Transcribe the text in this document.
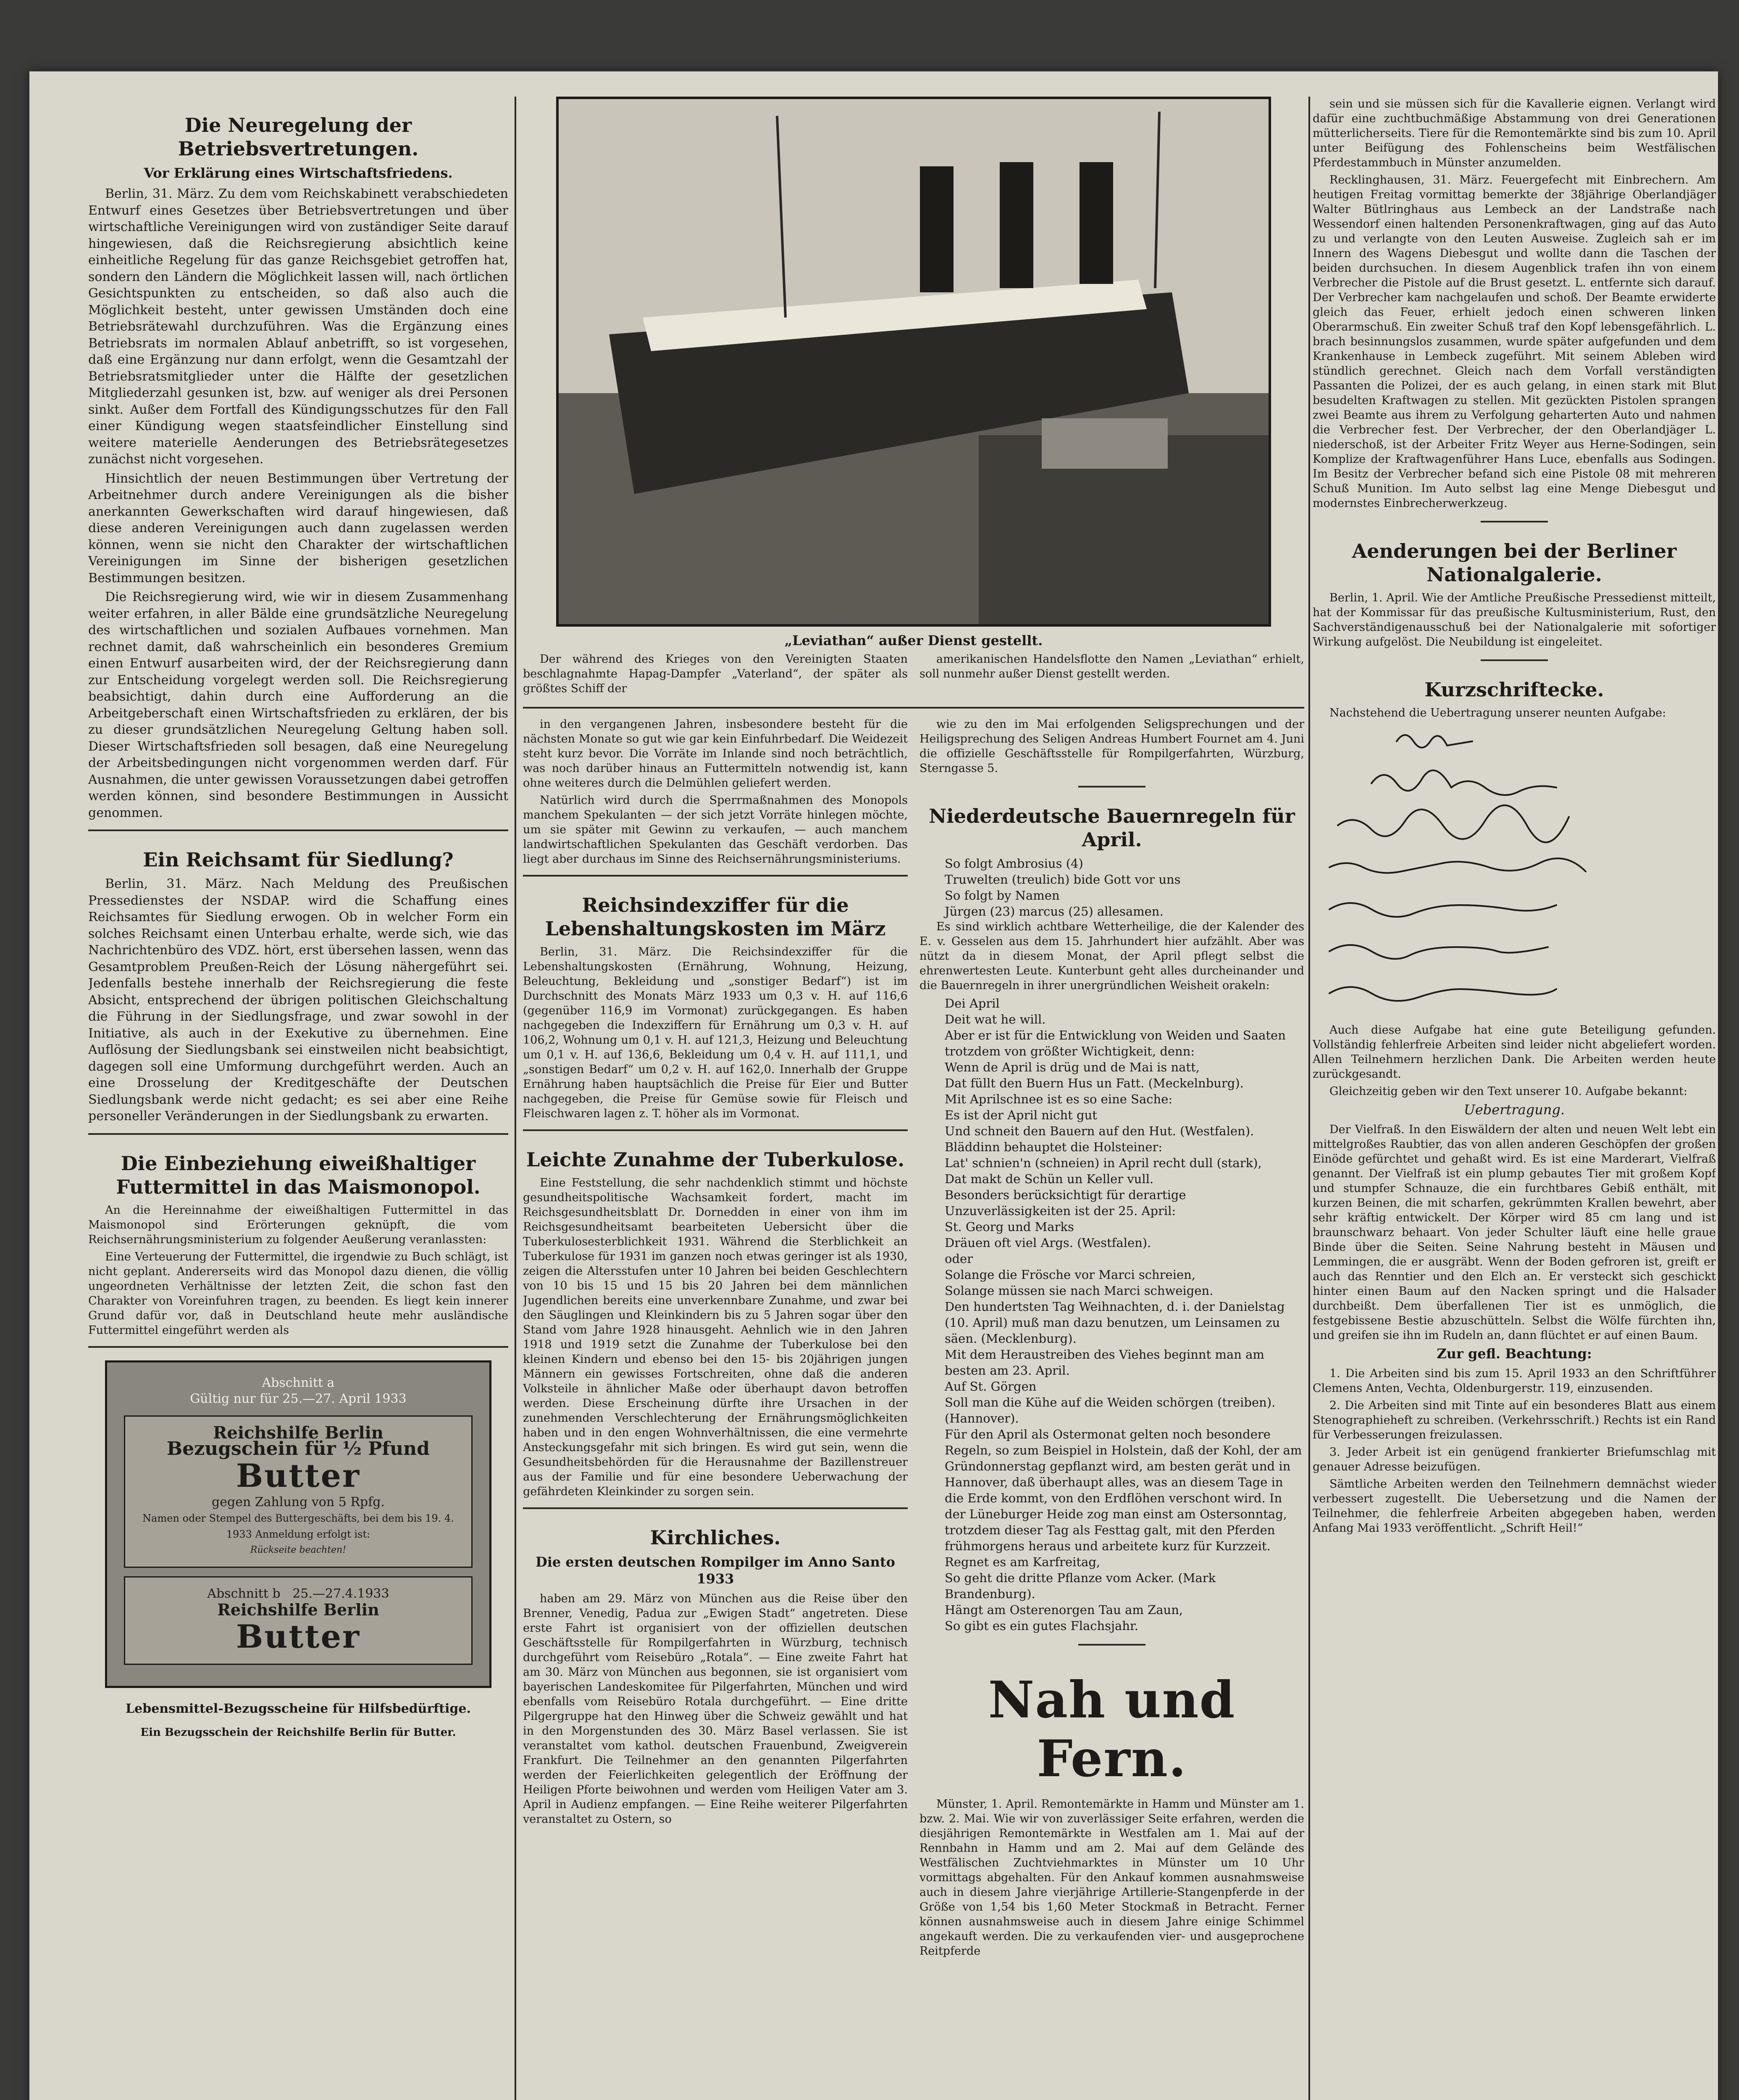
Die Neuregelung der Betriebsvertretungen.
Vor Erklärung eines Wirtschaftsfriedens.

Berlin, 31. März. Zu dem vom Reichskabinett verabschiedeten Entwurf eines Gesetzes über Betriebsvertretungen und über wirtschaftliche Vereinigungen wird von zuständiger Seite darauf hingewiesen, daß die Reichsregierung absichtlich keine einheitliche Regelung für das ganze Reichsgebiet getroffen hat, sondern den Ländern die Möglichkeit lassen will, nach örtlichen Gesichtspunkten zu entscheiden, so daß also auch die Möglichkeit besteht, unter gewissen Umständen doch eine Betriebsrätewahl durchzuführen. Was die Ergänzung eines Betriebsrats im normalen Ablauf anbetrifft, so ist vorgesehen, daß eine Ergänzung nur dann erfolgt, wenn die Gesamtzahl der Betriebsratsmitglieder unter die Hälfte der gesetzlichen Mitgliederzahl gesunken ist, bzw. auf weniger als drei Personen sinkt. Außer dem Fortfall des Kündigungsschutzes für den Fall einer Kündigung wegen staatsfeindlicher Einstellung sind weitere materielle Aenderungen des Betriebsrätegesetzes zunächst nicht vorgesehen.

Hinsichtlich der neuen Bestimmungen über Vertretung der Arbeitnehmer durch andere Vereinigungen als die bisher anerkannten Gewerkschaften wird darauf hingewiesen, daß diese anderen Vereinigungen auch dann zugelassen werden können, wenn sie nicht den Charakter der wirtschaftlichen Vereinigungen im Sinne der bisherigen gesetzlichen Bestimmungen besitzen.

Die Reichsregierung wird, wie wir in diesem Zusammenhang weiter erfahren, in aller Bälde eine grundsätzliche Neuregelung des wirtschaftlichen und sozialen Aufbaues vornehmen. Man rechnet damit, daß wahrscheinlich ein besonderes Gremium einen Entwurf ausarbeiten wird, der der Reichsregierung dann zur Entscheidung vorgelegt werden soll. Die Reichsregierung beabsichtigt, dahin durch eine Aufforderung an die Arbeitgeberschaft einen Wirtschaftsfrieden zu erklären, der bis zu dieser grundsätzlichen Neuregelung Geltung haben soll. Dieser Wirtschaftsfrieden soll besagen, daß eine Neuregelung der Arbeitsbedingungen nicht vorgenommen werden darf. Für Ausnahmen, die unter gewissen Voraussetzungen dabei getroffen werden können, sind besondere Bestimmungen in Aussicht genommen.

Ein Reichsamt für Siedlung?

Berlin, 31. März. Nach Meldung des Preußischen Pressedienstes der NSDAP. wird die Schaffung eines Reichsamtes für Siedlung erwogen. Ob in welcher Form ein solches Reichsamt einen Unterbau erhalte, werde sich, wie das Nachrichtenbüro des VDZ. hört, erst übersehen lassen, wenn das Gesamtproblem Preußen-Reich der Lösung nähergeführt sei. Jedenfalls bestehe innerhalb der Reichsregierung die feste Absicht, entsprechend der übrigen politischen Gleichschaltung die Führung in der Siedlungsfrage, und zwar sowohl in der Initiative, als auch in der Exekutive zu übernehmen. Eine Auflösung der Siedlungsbank sei einstweilen nicht beabsichtigt, dagegen soll eine Umformung durchgeführt werden. Auch an eine Drosselung der Kreditgeschäfte der Deutschen Siedlungsbank werde nicht gedacht; es sei aber eine Reihe personeller Veränderungen in der Siedlungsbank zu erwarten.

Die Einbeziehung eiweißhaltiger Futtermittel in das Maismonopol.

An die Hereinnahme der eiweißhaltigen Futtermittel in das Maismonopol sind Erörterungen geknüpft, die vom Reichsernährungsministerium zu folgender Aeußerung veranlassten:

Eine Verteuerung der Futtermittel, die irgendwie zu Buch schlägt, ist nicht geplant. Andererseits wird das Monopol dazu dienen, die völlig ungeordneten Verhältnisse der letzten Zeit, die schon fast den Charakter von Voreinfuhren tragen, zu beenden. Es liegt kein innerer Grund dafür vor, daß in Deutschland heute mehr ausländische Futtermittel eingeführt werden als

Abschnitt a
Gültig nur für 25.—27. April 1933
Reichshilfe Berlin
Bezugschein für ½ Pfund
Butter
gegen Zahlung von 5 Rpfg.
Namen oder Stempel des Buttergeschäfts, bei dem bis 19. 4. 1933 Anmeldung erfolgt ist:
Rückseite beachten!
Abschnitt b 25.—27.4.1933
Reichshilfe Berlin
Butter
Lebensmittel-Bezugsscheine für Hilfsbedürftige.
Ein Bezugsschein der Reichshilfe Berlin für Butter.
„Leviathan“ außer Dienst gestellt.

Der während des Krieges von den Vereinigten Staaten beschlagnahmte Hapag-Dampfer „Vaterland“, der später als größtes Schiff der

amerikanischen Handelsflotte den Namen „Leviathan“ erhielt, soll nunmehr außer Dienst gestellt werden.

in den vergangenen Jahren, insbesondere besteht für die nächsten Monate so gut wie gar kein Einfuhrbedarf. Die Weidezeit steht kurz bevor. Die Vorräte im Inlande sind noch beträchtlich, was noch darüber hinaus an Futtermitteln notwendig ist, kann ohne weiteres durch die Delmühlen geliefert werden.

Natürlich wird durch die Sperrmaßnahmen des Monopols manchem Spekulanten — der sich jetzt Vorräte hinlegen möchte, um sie später mit Gewinn zu verkaufen, — auch manchem landwirtschaftlichen Spekulanten das Geschäft verdorben. Das liegt aber durchaus im Sinne des Reichsernährungsministeriums.

Reichsindexziffer für die Lebenshaltungskosten im März

Berlin, 31. März. Die Reichsindexziffer für die Lebenshaltungskosten (Ernährung, Wohnung, Heizung, Beleuchtung, Bekleidung und „sonstiger Bedarf“) ist im Durchschnitt des Monats März 1933 um 0,3 v. H. auf 116,6 (gegenüber 116,9 im Vormonat) zurückgegangen. Es haben nachgegeben die Indexziffern für Ernährung um 0,3 v. H. auf 106,2, Wohnung um 0,1 v. H. auf 121,3, Heizung und Beleuchtung um 0,1 v. H. auf 136,6, Bekleidung um 0,4 v. H. auf 111,1, und „sonstigen Bedarf“ um 0,2 v. H. auf 162,0. Innerhalb der Gruppe Ernährung haben hauptsächlich die Preise für Eier und Butter nachgegeben, die Preise für Gemüse sowie für Fleisch und Fleischwaren lagen z. T. höher als im Vormonat.

Leichte Zunahme der Tuberkulose.

Eine Feststellung, die sehr nachdenklich stimmt und höchste gesundheitspolitische Wachsamkeit fordert, macht im Reichsgesundheitsblatt Dr. Dornedden in einer von ihm im Reichsgesundheitsamt bearbeiteten Uebersicht über die Tuberkulosesterblichkeit 1931. Während die Sterblichkeit an Tuberkulose für 1931 im ganzen noch etwas geringer ist als 1930, zeigen die Altersstufen unter 10 Jahren bei beiden Geschlechtern von 10 bis 15 und 15 bis 20 Jahren bei dem männlichen Jugendlichen bereits eine unverkennbare Zunahme, und zwar bei den Säuglingen und Kleinkindern bis zu 5 Jahren sogar über den Stand vom Jahre 1928 hinausgeht. Aehnlich wie in den Jahren 1918 und 1919 setzt die Zunahme der Tuberkulose bei den kleinen Kindern und ebenso bei den 15- bis 20jährigen jungen Männern ein gewisses Fortschreiten, ohne daß die anderen Volksteile in ähnlicher Maße oder überhaupt davon betroffen werden. Diese Erscheinung dürfte ihre Ursachen in der zunehmenden Verschlechterung der Ernährungsmöglichkeiten haben und in den engen Wohnverhältnissen, die eine vermehrte Ansteckungsgefahr mit sich bringen. Es wird gut sein, wenn die Gesundheitsbehörden für die Herausnahme der Bazillenstreuer aus der Familie und für eine besondere Ueberwachung der gefährdeten Kleinkinder zu sorgen sein.

Kirchliches.
Die ersten deutschen Rompilger im Anno Santo 1933

haben am 29. März von München aus die Reise über den Brenner, Venedig, Padua zur „Ewigen Stadt“ angetreten. Diese erste Fahrt ist organisiert von der offiziellen deutschen Geschäftsstelle für Rompilgerfahrten in Würzburg, technisch durchgeführt vom Reisebüro „Rotala“. — Eine zweite Fahrt hat am 30. März von München aus begonnen, sie ist organisiert vom bayerischen Landeskomitee für Pilgerfahrten, München und wird ebenfalls vom Reisebüro Rotala durchgeführt. — Eine dritte Pilgergruppe hat den Hinweg über die Schweiz gewählt und hat in den Morgenstunden des 30. März Basel verlassen. Sie ist veranstaltet vom kathol. deutschen Frauenbund, Zweigverein Frankfurt. Die Teilnehmer an den genannten Pilgerfahrten werden der Feierlichkeiten gelegentlich der Eröffnung der Heiligen Pforte beiwohnen und werden vom Heiligen Vater am 3. April in Audienz empfangen. — Eine Reihe weiterer Pilgerfahrten veranstaltet zu Ostern, so

wie zu den im Mai erfolgenden Seligsprechungen und der Heiligsprechung des Seligen Andreas Humbert Fournet am 4. Juni die offizielle Geschäftsstelle für Rompilgerfahrten, Würzburg, Sterngasse 5.

Niederdeutsche Bauernregeln für April.

So folgt Ambrosius (4)

Truwelten (treulich) bide Gott vor uns

So folgt by Namen

Jürgen (23) marcus (25) allesamen.

Es sind wirklich achtbare Wetterheilige, die der Kalender des E. v. Gesselen aus dem 15. Jahrhundert hier aufzählt. Aber was nützt da in diesem Monat, der April pflegt selbst die ehrenwertesten Leute. Kunterbunt geht alles durcheinander und die Bauernregeln in ihrer unergründlichen Weisheit orakeln:

Dei April

Deit wat he will.

Aber er ist für die Entwicklung von Weiden und Saaten trotzdem von größter Wichtigkeit, denn:

Wenn de April is drüg und de Mai is natt,

Dat füllt den Buern Hus un Fatt. (Meckelnburg).

Mit Aprilschnee ist es so eine Sache:

Es ist der April nicht gut

Und schneit den Bauern auf den Hut. (Westfalen).

Bläddinn behauptet die Holsteiner:

Lat' schnien'n (schneien) in April recht dull (stark),

Dat makt de Schün un Keller vull.

Besonders berücksichtigt für derartige Unzuverlässigkeiten ist der 25. April:

St. Georg und Marks

Dräuen oft viel Args. (Westfalen).

oder

Solange die Frösche vor Marci schreien,

Solange müssen sie nach Marci schweigen.

Den hundertsten Tag Weihnachten, d. i. der Danielstag (10. April) muß man dazu benutzen, um Leinsamen zu säen. (Mecklenburg).

Mit dem Heraustreiben des Viehes beginnt man am besten am 23. April.

Auf St. Görgen

Soll man die Kühe auf die Weiden schörgen (treiben). (Hannover).

Für den April als Ostermonat gelten noch besondere Regeln, so zum Beispiel in Holstein, daß der Kohl, der am Gründonnerstag gepflanzt wird, am besten gerät und in Hannover, daß überhaupt alles, was an diesem Tage in die Erde kommt, von den Erdflöhen verschont wird. In der Lüneburger Heide zog man einst am Ostersonntag, trotzdem dieser Tag als Festtag galt, mit den Pferden frühmorgens heraus und arbeitete kurz für Kurzzeit.

Regnet es am Karfreitag,

So geht die dritte Pflanze vom Acker. (Mark Brandenburg).

Hängt am Osterenorgen Tau am Zaun,

So gibt es ein gutes Flachsjahr.

Nah und Fern.

Münster, 1. April. Remontemärkte in Hamm und Münster am 1. bzw. 2. Mai. Wie wir von zuverlässiger Seite erfahren, werden die diesjährigen Remontemärkte in Westfalen am 1. Mai auf der Rennbahn in Hamm und am 2. Mai auf dem Gelände des Westfälischen Zuchtviehmarktes in Münster um 10 Uhr vormittags abgehalten. Für den Ankauf kommen ausnahmsweise auch in diesem Jahre vierjährige Artillerie-Stangenpferde in der Größe von 1,54 bis 1,60 Meter Stockmaß in Betracht. Ferner können ausnahmsweise auch in diesem Jahre einige Schimmel angekauft werden. Die zu verkaufenden vier- und ausgeprochene Reitpferde

sein und sie müssen sich für die Kavallerie eignen. Verlangt wird dafür eine zuchtbuchmäßige Abstammung von drei Generationen mütterlicherseits. Tiere für die Remontemärkte sind bis zum 10. April unter Beifügung des Fohlenscheins beim Westfälischen Pferdestammbuch in Münster anzumelden.

Recklinghausen, 31. März. Feuergefecht mit Einbrechern. Am heutigen Freitag vormittag bemerkte der 38jährige Oberlandjäger Walter Bütlringhaus aus Lembeck an der Landstraße nach Wessendorf einen haltenden Personenkraftwagen, ging auf das Auto zu und verlangte von den Leuten Ausweise. Zugleich sah er im Innern des Wagens Diebesgut und wollte dann die Taschen der beiden durchsuchen. In diesem Augenblick trafen ihn von einem Verbrecher die Pistole auf die Brust gesetzt. L. entfernte sich darauf. Der Verbrecher kam nachgelaufen und schoß. Der Beamte erwiderte gleich das Feuer, erhielt jedoch einen schweren linken Oberarmschuß. Ein zweiter Schuß traf den Kopf lebensgefährlich. L. brach besinnungslos zusammen, wurde später aufgefunden und dem Krankenhause in Lembeck zugeführt. Mit seinem Ableben wird stündlich gerechnet. Gleich nach dem Vorfall verständigten Passanten die Polizei, der es auch gelang, in einen stark mit Blut besudelten Kraftwagen zu stellen. Mit gezückten Pistolen sprangen zwei Beamte aus ihrem zu Verfolgung geharterten Auto und nahmen die Verbrecher fest. Der Verbrecher, der den Oberlandjäger L. niederschoß, ist der Arbeiter Fritz Weyer aus Herne-Sodingen, sein Komplize der Kraftwagenführer Hans Luce, ebenfalls aus Sodingen. Im Besitz der Verbrecher befand sich eine Pistole 08 mit mehreren Schuß Munition. Im Auto selbst lag eine Menge Diebesgut und modernstes Einbrecherwerkzeug.

Aenderungen bei der Berliner Nationalgalerie.

Berlin, 1. April. Wie der Amtliche Preußische Pressedienst mitteilt, hat der Kommissar für das preußische Kultusministerium, Rust, den Sachverständigenausschuß bei der Nationalgalerie mit sofortiger Wirkung aufgelöst. Die Neubildung ist eingeleitet.

Kurzschriftecke.

Nachstehend die Uebertragung unserer neunten Aufgabe:

Auch diese Aufgabe hat eine gute Beteiligung gefunden. Vollständig fehlerfreie Arbeiten sind leider nicht abgeliefert worden. Allen Teilnehmern herzlichen Dank. Die Arbeiten werden heute zurückgesandt.

Gleichzeitig geben wir den Text unserer 10. Aufgabe bekannt:

Uebertragung.

Der Vielfraß. In den Eiswäldern der alten und neuen Welt lebt ein mittelgroßes Raubtier, das von allen anderen Geschöpfen der großen Einöde gefürchtet und gehaßt wird. Es ist eine Marderart, Vielfraß genannt. Der Vielfraß ist ein plump gebautes Tier mit großem Kopf und stumpfer Schnauze, die ein furchtbares Gebiß enthält, mit kurzen Beinen, die mit scharfen, gekrümmten Krallen bewehrt, aber sehr kräftig entwickelt. Der Körper wird 85 cm lang und ist braunschwarz behaart. Von jeder Schulter läuft eine helle graue Binde über die Seiten. Seine Nahrung besteht in Mäusen und Lemmingen, die er ausgräbt. Wenn der Boden gefroren ist, greift er auch das Renntier und den Elch an. Er versteckt sich geschickt hinter einen Baum auf den Nacken springt und die Halsader durchbeißt. Dem überfallenen Tier ist es unmöglich, die festgebissene Bestie abzuschütteln. Selbst die Wölfe fürchten ihn, und greifen sie ihn im Rudeln an, dann flüchtet er auf einen Baum.

Zur gefl. Beachtung:

1. Die Arbeiten sind bis zum 15. April 1933 an den Schriftführer Clemens Anten, Vechta, Oldenburgerstr. 119, einzusenden.

2. Die Arbeiten sind mit Tinte auf ein besonderes Blatt aus einem Stenographieheft zu schreiben. (Verkehrsschrift.) Rechts ist ein Rand für Verbesserungen freizulassen.

3. Jeder Arbeit ist ein genügend frankierter Briefumschlag mit genauer Adresse beizufügen.

Sämtliche Arbeiten werden den Teilnehmern demnächst wieder verbessert zugestellt. Die Uebersetzung und die Namen der Teilnehmer, die fehlerfreie Arbeiten abgegeben haben, werden Anfang Mai 1933 veröffentlicht. „Schrift Heil!“
